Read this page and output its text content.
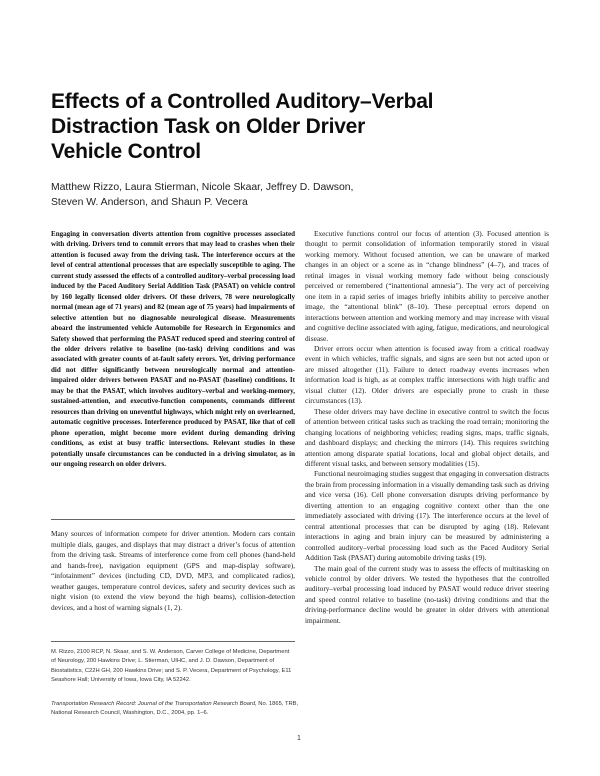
Effects of a Controlled Auditory–Verbal
Distraction Task on Older Driver
Vehicle Control
Matthew Rizzo, Laura Stierman, Nicole Skaar, Jeffrey D. Dawson,
Steven W. Anderson, and Shaun P. Vecera

Engaging in conversation diverts attention from cognitive processes associated with driving. Drivers tend to commit errors that may lead to crashes when their attention is focused away from the driving task. The interference occurs at the level of central attentional processes that are especially susceptible to aging. The current study assessed the effects of a controlled auditory–verbal processing load induced by the Paced Auditory Serial Addition Task (PASAT) on vehicle control by 160 legally licensed older drivers. Of these drivers, 78 were neurologically normal (mean age of 71 years) and 82 (mean age of 75 years) had impairments of selective attention but no diagnosable neurological disease. Measurements aboard the instrumented vehicle Automobile for Research in Ergonomics and Safety showed that performing the PASAT reduced speed and steering control of the older drivers relative to baseline (no-task) driving conditions and was associated with greater counts of at-fault safety errors. Yet, driving performance did not differ significantly between neurologically normal and attention-impaired older drivers between PASAT and no-PASAT (baseline) conditions. It may be that the PASAT, which involves auditory–verbal and working-memory, sustained-attention, and executive-function components, commands different resources than driving on uneventful highways, which might rely on overlearned, automatic cognitive processes. Interference produced by PASAT, like that of cell phone operation, might become more evident during demanding driving conditions, as exist at busy traffic intersections. Relevant studies in these potentially unsafe circumstances can be conducted in a driving simulator, as in our ongoing research on older drivers.

Many sources of information compete for driver attention. Modern cars contain multiple dials, gauges, and displays that may distract a driver’s focus of attention from the driving task. Streams of interference come from cell phones (hand-held and hands-free), navigation equipment (GPS and map-display software), “infotainment” devices (including CD, DVD, MP3, and complicated radios), weather gauges, temperature control devices, safety and security devices such as night vision (to extend the view beyond the high beams), collision-detection devices, and a host of warning signals (1, 2).

M. Rizzo, 2100 RCP, N. Skaar, and S. W. Anderson, Carver College of Medicine, Department of Neurology, 200 Hawkins Drive; L. Stierman, UIHC, and J. D. Dawson, Department of Biostatistics, C22H GH, 200 Hawkins Drive; and S. P. Vecera, Department of Psychology, E11 Seashore Hall; University of Iowa, Iowa City, IA 52242.

Transportation Research Record: Journal of the Transportation Research Board, No. 1865, TRB, National Research Council, Washington, D.C., 2004, pp. 1–6.

Executive functions control our focus of attention (3). Focused attention is thought to permit consolidation of information temporarily stored in visual working memory. Without focused attention, we can be unaware of marked changes in an object or a scene as in “change blindness” (4–7), and traces of retinal images in visual working memory fade without being consciously perceived or remembered (“inattentional amnesia”). The very act of perceiving one item in a rapid series of images briefly inhibits ability to perceive another image, the “attentional blink” (8–10). These perceptual errors depend on interactions between attention and working memory and may increase with visual and cognitive decline associated with aging, fatigue, medications, and neurological disease.

Driver errors occur when attention is focused away from a critical roadway event in which vehicles, traffic signals, and signs are seen but not acted upon or are missed altogether (11). Failure to detect roadway events increases when information load is high, as at complex traffic intersections with high traffic and visual clutter (12). Older drivers are especially prone to crash in these circumstances (13).

These older drivers may have decline in executive control to switch the focus of attention between critical tasks such as tracking the road terrain; monitoring the changing locations of neighboring vehicles; reading signs, maps, traffic signals, and dashboard displays; and checking the mirrors (14). This requires switching attention among disparate spatial locations, local and global object details, and different visual tasks, and between sensory modalities (15).

Functional neuroimaging studies suggest that engaging in conversation distracts the brain from processing information in a visually demanding task such as driving and vice versa (16). Cell phone conversation disrupts driving performance by diverting attention to an engaging cognitive context other than the one immediately associated with driving (17). The interference occurs at the level of central attentional processes that can be disrupted by aging (18). Relevant interactions in aging and brain injury can be measured by administering a controlled auditory–verbal processing load such as the Paced Auditory Serial Addition Task (PASAT) during automobile driving tasks (19).

The main goal of the current study was to assess the effects of multitasking on vehicle control by older drivers. We tested the hypotheses that the controlled auditory–verbal processing load induced by PASAT would reduce driver steering and speed control relative to baseline (no-task) driving conditions and that the driving-performance decline would be greater in older drivers with attentional impairment.

1
